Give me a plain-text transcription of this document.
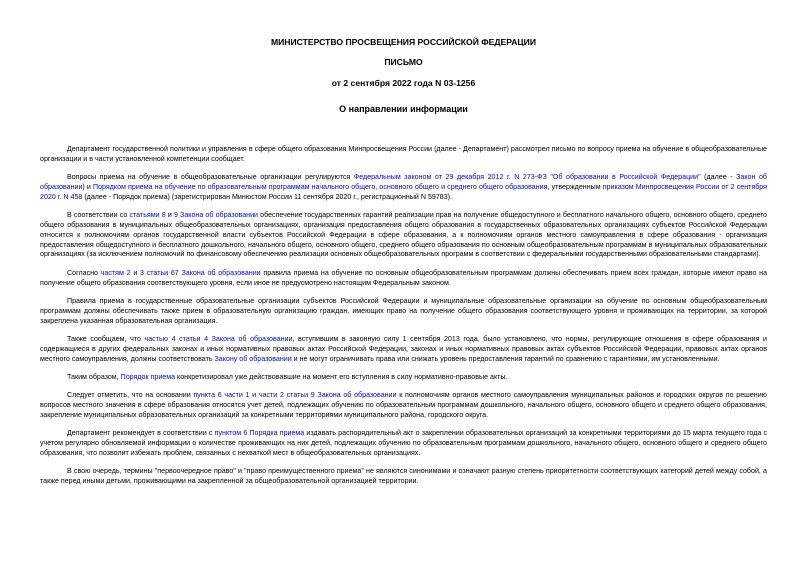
МИНИСТЕРСТВО ПРОСВЕЩЕНИЯ РОССИЙСКОЙ ФЕДЕРАЦИИ
ПИСЬМО
от 2 сентября 2022 года N 03-1256
О направлении информации

Департамент государственной политики и управления в сфере общего образования Минпросвещения России (далее - Департамент) рассмотрел письмо по вопросу приема на обучение в общеобразовательные организации и в части установленной компетенции сообщает.

Вопросы приема на обучение в общеобразовательные организации регулируются Федеральным законом от 29 декабря 2012 г. N 273-ФЗ "Об образовании в Российской Федерации" (далее - Закон об образовании) и Порядком приема на обучение по образовательным программам начального общего, основного общего и среднего общего образования, утвержденным приказом Минпросвещения России от 2 сентября 2020 г. N 458 (далее - Порядок приема) (зарегистрирован Минюстом России 11 сентября 2020 г., регистрационный N 59783).

В соответствии со статьями 8 и 9 Закона об образовании обеспечение государственных гарантий реализации прав на получение общедоступного и бесплатного начального общего, основного общего, среднего общего образования в муниципальных общеобразовательных организациях, организация предоставления общего образования в государственных образовательных организациях субъектов Российской Федерации относится к полномочиям органов государственной власти субъектов Российской Федерации в сфере образования, а к полномочиям органов местного самоуправления в сфере образования - организация предоставления общедоступного и бесплатного дошкольного, начального общего, основного общего, среднего общего образования по основным общеобразовательным программам в муниципальных образовательных организациях (за исключением полномочий по финансовому обеспечению реализации основных общеобразовательных программ в соответствии с федеральными государственными образовательными стандартами).

Согласно частям 2 и 3 статьи 67 Закона об образовании правила приема на обучение по основным общеобразовательным программам должны обеспечивать прием всех граждан, которые имеют право на получение общего образования соответствующего уровня, если иное не предусмотрено настоящим Федеральным законом.

Правила приема в государственные образовательные организации субъектов Российской Федерации и муниципальные образовательные организации на обучение по основным общеобразовательным программам должны обеспечивать также прием в образовательную организацию граждан, имеющих право на получение общего образования соответствующего уровня и проживающих на территории, за которой закреплена указанная образовательная организация.

Также сообщаем, что частью 4 статьи 4 Закона об образовании, вступившим в законную силу 1 сентября 2013 года, было установлено, что нормы, регулирующие отношения в сфере образования и содержащиеся в других федеральных законах и иных нормативных правовых актах Российской Федерации, законах и иных нормативных правовых актах субъектов Российской Федерации, правовых актах органов местного самоуправления, должны соответствовать Закону об образовании и не могут ограничивать права или снижать уровень предоставления гарантий по сравнению с гарантиями, им установленными.

Таким образом, Порядок приема конкретизировал уже действовавшие на момент его вступления в силу нормативно-правовые акты.

Следует отметить, что на основании пункта 6 части 1 и части 2 статьи 9 Закона об образовании к полномочиям органов местного самоуправления муниципальных районов и городских округов по решению вопросов местного значения в сфере образования относятся учет детей, подлежащих обучению по образовательным программам дошкольного, начального общего, основного общего и среднего общего образования, закрепление муниципальных образовательных организаций за конкретными территориями муниципального района, городского округа.

Департамент рекомендует в соответствии с пунктом 6 Порядка приема издавать распорядительный акт о закреплении образовательных организаций за конкретными территориями до 15 марта текущего года с учетом регулярно обновляемой информации о количестве проживающих на них детей, подлежащих обучению по образовательным программам дошкольного, начального общего, основного общего и среднего общего образования, что позволит избежать проблем, связанных с нехваткой мест в общеобразовательных организациях.

В свою очередь, термины "первоочередное право" и "право преимущественного приема" не являются синонимами и означают разную степень приоритетности соответствующих категорий детей между собой, а также перед иными детьми, проживающими на закрепленной за общеобразовательной организацией территории.
